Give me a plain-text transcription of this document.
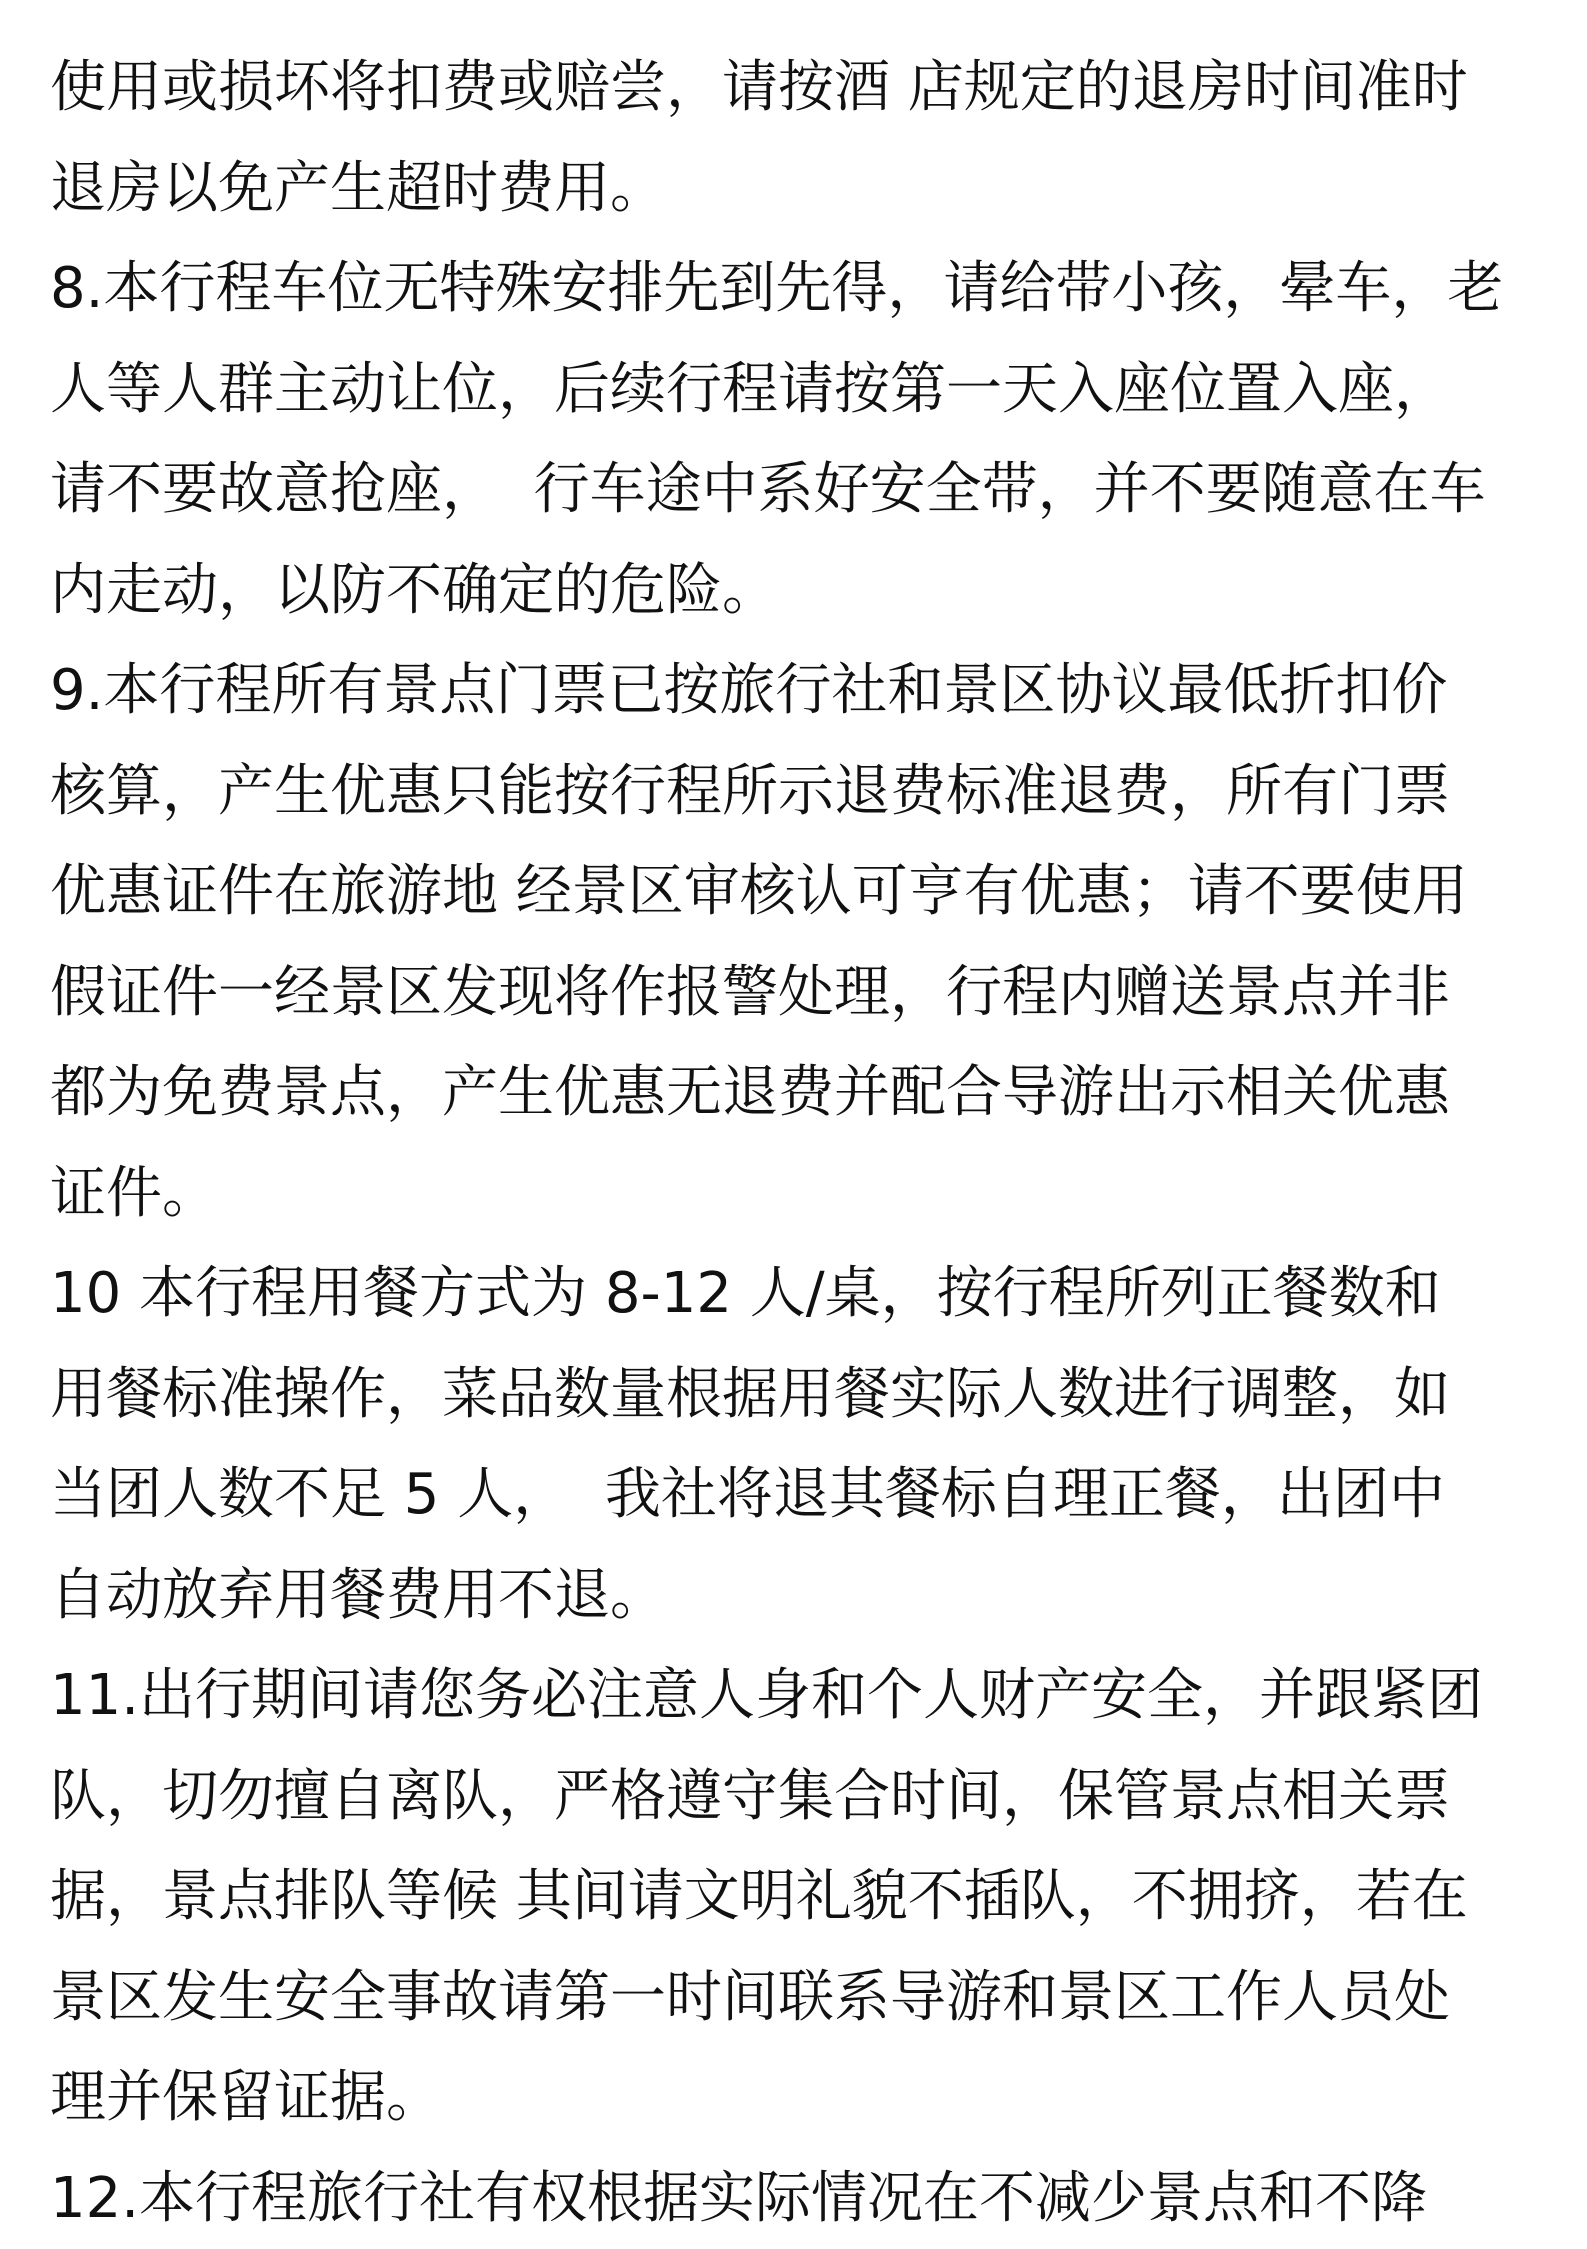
使用或损坏将扣费或赔尝，请按酒 店规定的退房时间准时
退房以免产生超时费用。
8.本行程车位无特殊安排先到先得，请给带小孩，晕车，老
人等人群主动让位，后续行程请按第一天入座位置入座，
请不要故意抢座，  行车途中系好安全带，并不要随意在车
内走动，以防不确定的危险。
9.本行程所有景点门票已按旅行社和景区协议最低折扣价
核算，产生优惠只能按行程所示退费标准退费，所有门票
优惠证件在旅游地 经景区审核认可亨有优惠；请不要使用
假证件一经景区发现将作报警处理，行程内赠送景点并非
都为免费景点，产生优惠无退费并配合导游出示相关优惠
证件。
10 本行程用餐方式为 8-12 人/桌，按行程所列正餐数和
用餐标准操作，菜品数量根据用餐实际人数进行调整，如
当团人数不足 5 人，  我社将退其餐标自理正餐，出团中
自动放弃用餐费用不退。
11.出行期间请您务必注意人身和个人财产安全，并跟紧团
队，切勿擅自离队，严格遵守集合时间，保管景点相关票
据，景点排队等候 其间请文明礼貌不插队，不拥挤，若在
景区发生安全事故请第一时间联系导游和景区工作人员处
理并保留证据。
12.本行程旅行社有权根据实际情况在不减少景点和不降
